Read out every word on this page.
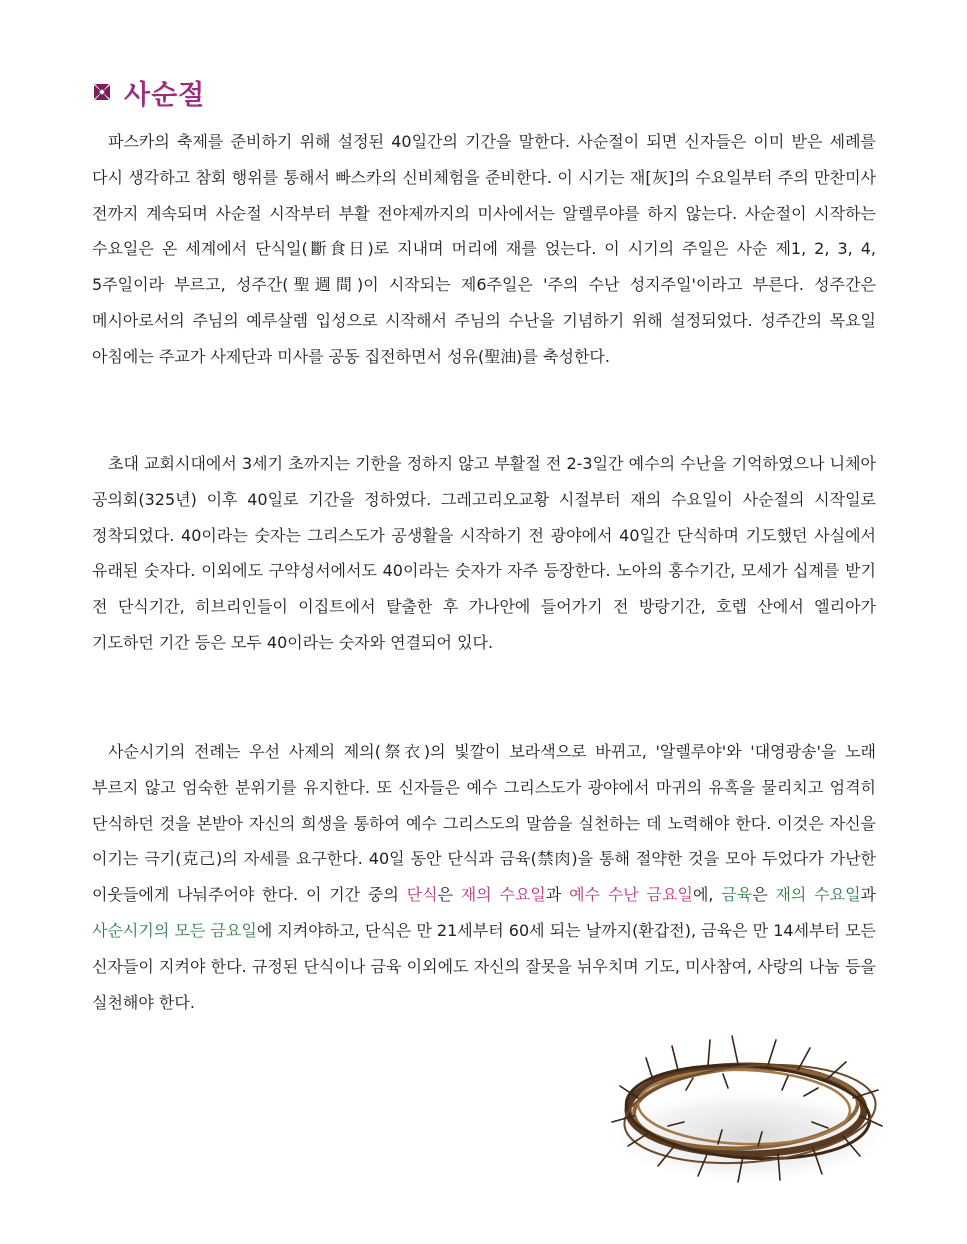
사순절

파스카의 축제를 준비하기 위해 설정된 40일간의 기간을 말한다. 사순절이 되면 신자들은 이미 받은 세례를 다시 생각하고 참회 행위를 통해서 빠스카의 신비체험을 준비한다. 이 시기는 재[灰]의 수요일부터 주의 만찬미사 전까지 계속되며 사순절 시작부터 부활 전야제까지의 미사에서는 알렐루야를 하지 않는다. 사순절이 시작하는 수요일은 온 세계에서 단식일(斷食日)로 지내며 머리에 재를 얹는다. 이 시기의 주일은 사순 제1, 2, 3, 4, 5주일이라 부르고, 성주간(聖週間)이 시작되는 제6주일은 '주의 수난 성지주일'이라고 부른다. 성주간은 메시아로서의 주님의 예루살렘 입성으로 시작해서 주님의 수난을 기념하기 위해 설정되었다. 성주간의 목요일 아침에는 주교가 사제단과 미사를 공동 집전하면서 성유(聖油)를 축성한다.

초대 교회시대에서 3세기 초까지는 기한을 정하지 않고 부활절 전 2-3일간 예수의 수난을 기억하였으나 니체아 공의회(325년) 이후 40일로 기간을 정하였다. 그레고리오교황 시절부터 재의 수요일이 사순절의 시작일로 정착되었다. 40이라는 숫자는 그리스도가 공생활을 시작하기 전 광야에서 40일간 단식하며 기도했던 사실에서 유래된 숫자다. 이외에도 구약성서에서도 40이라는 숫자가 자주 등장한다. 노아의 홍수기간, 모세가 십계를 받기 전 단식기간, 히브리인들이 이집트에서 탈출한 후 가나안에 들어가기 전 방랑기간, 호렙 산에서 엘리아가 기도하던 기간 등은 모두 40이라는 숫자와 연결되어 있다.

사순시기의 전례는 우선 사제의 제의(祭衣)의 빛깔이 보라색으로 바뀌고, '알렐루야'와 '대영광송'을 노래 부르지 않고 엄숙한 분위기를 유지한다. 또 신자들은 예수 그리스도가 광야에서 마귀의 유혹을 물리치고 엄격히 단식하던 것을 본받아 자신의 희생을 통하여 예수 그리스도의 말씀을 실천하는 데 노력해야 한다. 이것은 자신을 이기는 극기(克己)의 자세를 요구한다. 40일 동안 단식과 금육(禁肉)을 통해 절약한 것을 모아 두었다가 가난한 이웃들에게 나눠주어야 한다. 이 기간 중의 단식은 재의 수요일과 예수 수난 금요일에, 금육은 재의 수요일과 사순시기의 모든 금요일에 지켜야하고, 단식은 만 21세부터 60세 되는 날까지(환갑전), 금육은 만 14세부터 모든 신자들이 지켜야 한다. 규정된 단식이나 금육 이외에도 자신의 잘못을 뉘우치며 기도, 미사참여, 사랑의 나눔 등을 실천해야 한다.
